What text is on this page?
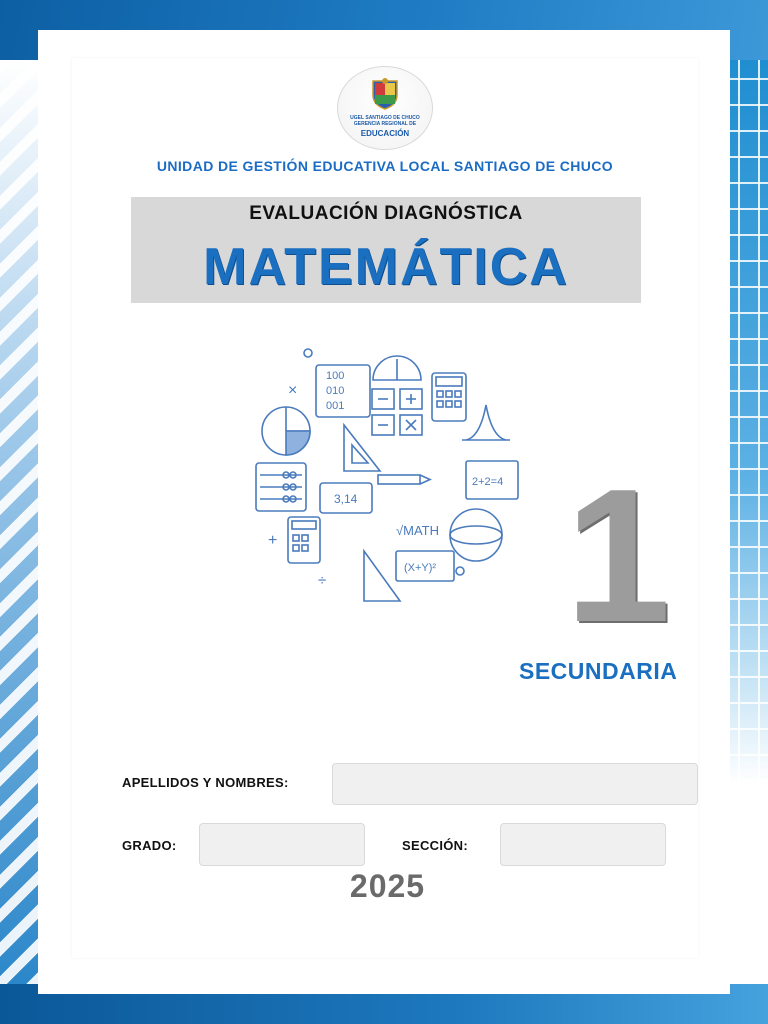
UGEL SANTIAGO DE CHUCO
GERENCIA REGIONAL DE
EDUCACIÓN
UNIDAD DE GESTIÓN EDUCATIVA LOCAL SANTIAGO DE CHUCO
EVALUACIÓN DIAGNÓSTICA
MATEMÁTICA
100
010
001
×
3,14
2+2=4
+
√MATH
(X+Y)²
÷ 1
SECUNDARIA
APELLIDOS Y NOMBRES:
GRADO:	SECCIÓN:
2025
